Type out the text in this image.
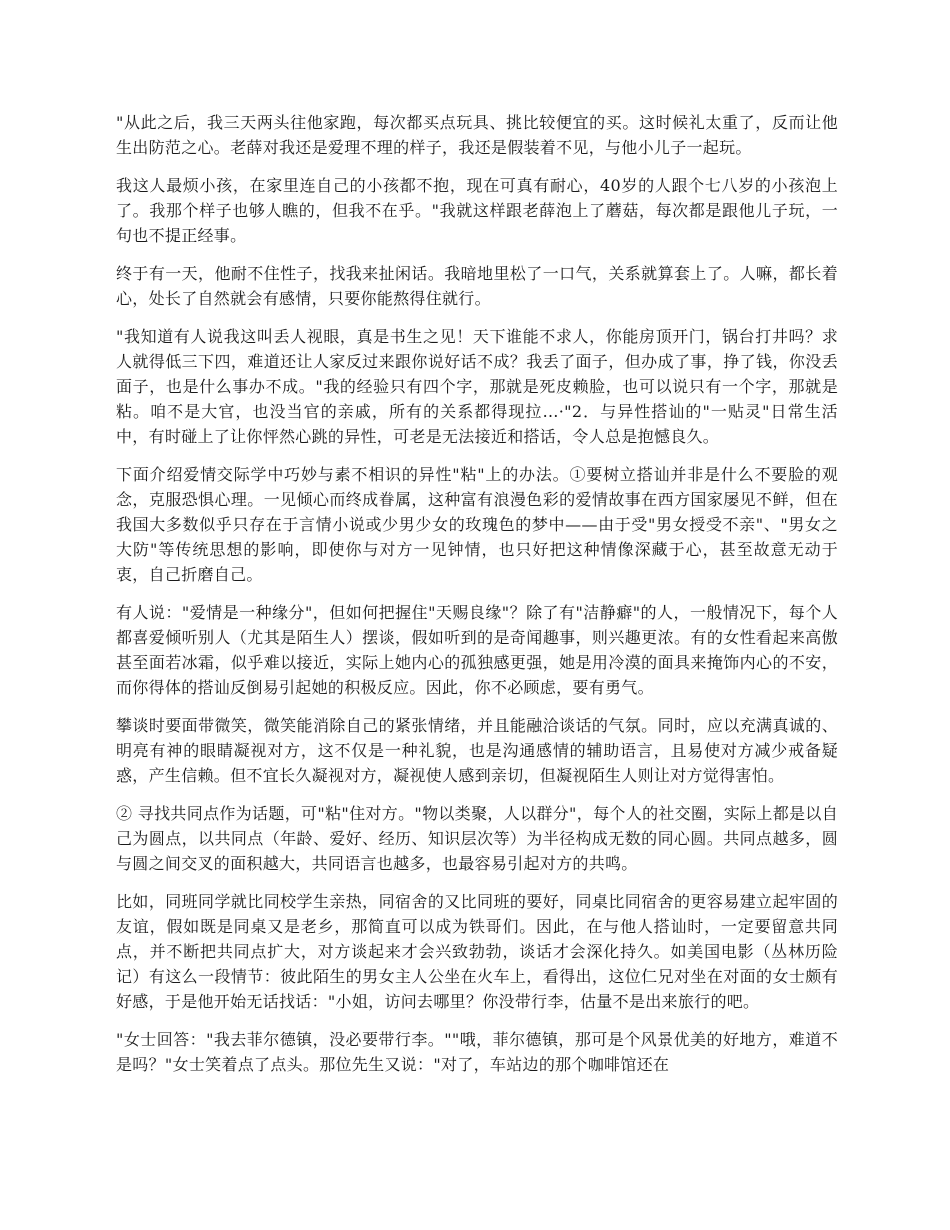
"从此之后，我三天两头往他家跑，每次都买点玩具、挑比较便宜的买。这时候礼太重了，反而让他生出防范之心。老薛对我还是爱理不理的样子，我还是假装着不见，与他小儿子一起玩。

我这人最烦小孩，在家里连自己的小孩都不抱，现在可真有耐心，40岁的人跟个七八岁的小孩泡上了。我那个样子也够人瞧的，但我不在乎。"我就这样跟老薛泡上了蘑菇，每次都是跟他儿子玩，一句也不提正经事。

终于有一天，他耐不住性子，找我来扯闲话。我暗地里松了一口气，关系就算套上了。人嘛，都长着心，处长了自然就会有感情，只要你能熬得住就行。

"我知道有人说我这叫丢人视眼，真是书生之见！天下谁能不求人，你能房顶开门，锅台打井吗？求人就得低三下四，难道还让人家反过来跟你说好话不成？我丢了面子，但办成了事，挣了钱，你没丢面子，也是什么事办不成。"我的经验只有四个字，那就是死皮赖脸，也可以说只有一个字，那就是粘。咱不是大官，也没当官的亲戚，所有的关系都得现拉…·"2．与异性搭讪的"一贴灵"日常生活中，有时碰上了让你怦然心跳的异性，可老是无法接近和搭话，令人总是抱憾良久。

下面介绍爱情交际学中巧妙与素不相识的异性"粘"上的办法。①要树立搭讪并非是什么不要脸的观念，克服恐惧心理。一见倾心而终成眷属，这种富有浪漫色彩的爱情故事在西方国家屡见不鲜，但在我国大多数似乎只存在于言情小说或少男少女的玫瑰色的梦中——由于受"男女授受不亲"、"男女之大防"等传统思想的影响，即使你与对方一见钟情，也只好把这种情像深藏于心，甚至故意无动于衷，自己折磨自己。

有人说："爱情是一种缘分"，但如何把握住"天赐良缘"？除了有"洁静癖"的人，一般情况下，每个人都喜爱倾听别人（尤其是陌生人）摆谈，假如听到的是奇闻趣事，则兴趣更浓。有的女性看起来高傲甚至面若冰霜，似乎难以接近，实际上她内心的孤独感更强，她是用冷漠的面具来掩饰内心的不安，而你得体的搭讪反倒易引起她的积极反应。因此，你不必顾虑，要有勇气。

攀谈时要面带微笑，微笑能消除自己的紧张情绪，并且能融洽谈话的气氛。同时，应以充满真诚的、明亮有神的眼睛凝视对方，这不仅是一种礼貌，也是沟通感情的辅助语言，且易使对方减少戒备疑惑，产生信赖。但不宜长久凝视对方，凝视使人感到亲切，但凝视陌生人则让对方觉得害怕。

② 寻找共同点作为话题，可"粘"住对方。"物以类聚，人以群分"，每个人的社交圈，实际上都是以自己为圆点，以共同点（年龄、爱好、经历、知识层次等）为半径构成无数的同心圆。共同点越多，圆与圆之间交叉的面积越大，共同语言也越多，也最容易引起对方的共鸣。

比如，同班同学就比同校学生亲热，同宿舍的又比同班的要好，同桌比同宿舍的更容易建立起牢固的友谊，假如既是同桌又是老乡，那简直可以成为铁哥们。因此，在与他人搭讪时，一定要留意共同点，并不断把共同点扩大，对方谈起来才会兴致勃勃，谈话才会深化持久。如美国电影（丛林历险记）有这么一段情节：彼此陌生的男女主人公坐在火车上，看得出，这位仁兄对坐在对面的女士颇有好感，于是他开始无话找话："小姐，访问去哪里？你没带行李，估量不是出来旅行的吧。

"女士回答："我去菲尔德镇，没必要带行李。""哦，菲尔德镇，那可是个风景优美的好地方，难道不是吗？"女士笑着点了点头。那位先生又说："对了，车站边的那个咖啡馆还在
